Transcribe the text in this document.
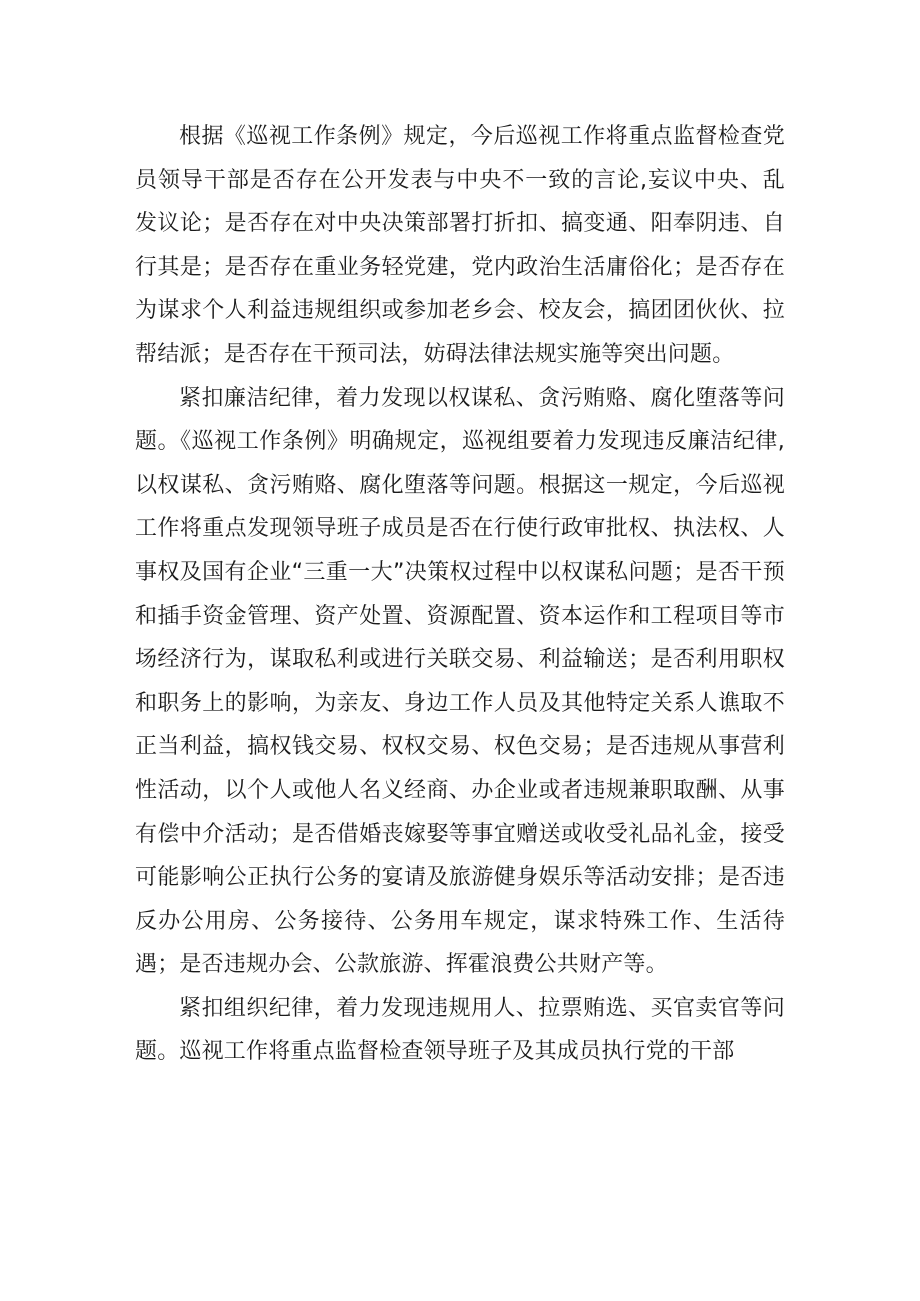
根据《巡视工作条例》规定，今后巡视工作将重点监督检查党员领导干部是否存在公开发表与中央不一致的言论,妄议中央、乱发议论；是否存在对中央决策部署打折扣、搞变通、阳奉阴违、自行其是；是否存在重业务轻党建，党内政治生活庸俗化；是否存在为谋求个人利益违规组织或参加老乡会、校友会，搞团团伙伙、拉帮结派；是否存在干预司法，妨碍法律法规实施等突出问题。

紧扣廉洁纪律，着力发现以权谋私、贪污贿赂、腐化堕落等问题。《巡视工作条例》明确规定，巡视组要着力发现违反廉洁纪律,以权谋私、贪污贿赂、腐化堕落等问题。根据这一规定，今后巡视工作将重点发现领导班子成员是否在行使行政审批权、执法权、人事权及国有企业“三重一大”决策权过程中以权谋私问题；是否干预和插手资金管理、资产处置、资源配置、资本运作和工程项目等市场经济行为，谋取私利或进行关联交易、利益输送；是否利用职权和职务上的影响，为亲友、身边工作人员及其他特定关系人谯取不正当利益，搞权钱交易、权权交易、权色交易；是否违规从事营利性活动，以个人或他人名义经商、办企业或者违规兼职取酬、从事有偿中介活动；是否借婚丧嫁娶等事宜赠送或收受礼品礼金，接受可能影响公正执行公务的宴请及旅游健身娱乐等活动安排；是否违反办公用房、公务接待、公务用车规定，谋求特殊工作、生活待遇；是否违规办会、公款旅游、挥霍浪费公共财产等。

紧扣组织纪律，着力发现违规用人、拉票贿选、买官卖官等问题。巡视工作将重点监督检查领导班子及其成员执行党的干部
